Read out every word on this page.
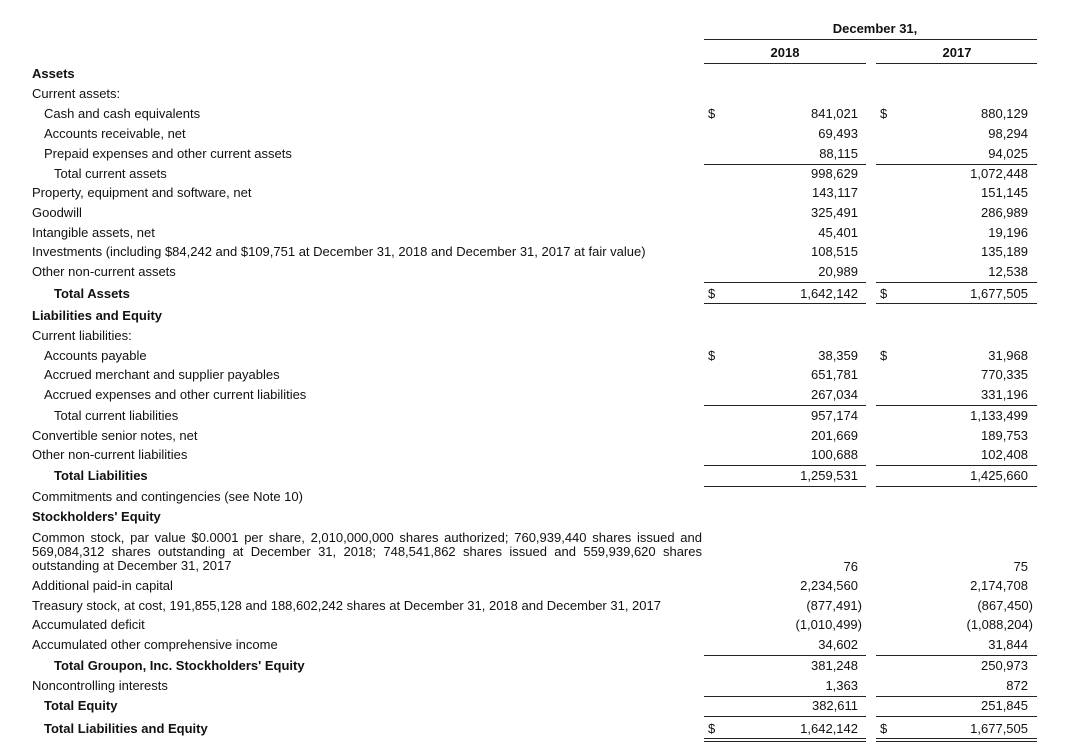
December 31,
2018	2017
Assets
Current assets:
Cash and cash equivalents	$	841,021 $	880,129
Accounts receivable, net	69,493	98,294
Prepaid expenses and other current assets	88,115	94,025
Total current assets	998,629	1,072,448
Property, equipment and software, net	143,117	151,145
Goodwill	325,491	286,989
Intangible assets, net	45,401	19,196
Investments (including $84,242 and $109,751 at December 31, 2018 and December 31, 2017 at fair value)	108,515	135,189
Other non-current assets	20,989	12,538
Total Assets	$	1,642,142 $	1,677,505
Liabilities and Equity
Current liabilities:
Accounts payable	$	38,359 $	31,968
Accrued merchant and supplier payables	651,781	770,335
Accrued expenses and other current liabilities	267,034	331,196
Total current liabilities	957,174	1,133,499
Convertible senior notes, net	201,669	189,753
Other non-current liabilities	100,688	102,408
Total Liabilities	1,259,531	1,425,660
Commitments and contingencies (see Note 10)
Stockholders' Equity
Common stock, par value $0.0001 per share, 2,010,000,000 shares authorized; 760,939,440 shares issued and
569,084,312 shares outstanding at December 31, 2018; 748,541,862 shares issued and 559,939,620 shares
outstanding at December 31, 2017	76	75
Additional paid-in capital	2,234,560	2,174,708
Treasury stock, at cost, 191,855,128 and 188,602,242 shares at December 31, 2018 and December 31, 2017	(877,491)	(867,450)
Accumulated deficit	(1,010,499)	(1,088,204)
Accumulated other comprehensive income	34,602	31,844
Total Groupon, Inc. Stockholders' Equity	381,248	250,973
Noncontrolling interests	1,363	872
Total Equity	382,611	251,845
Total Liabilities and Equity	$	1,642,142 $	1,677,505
